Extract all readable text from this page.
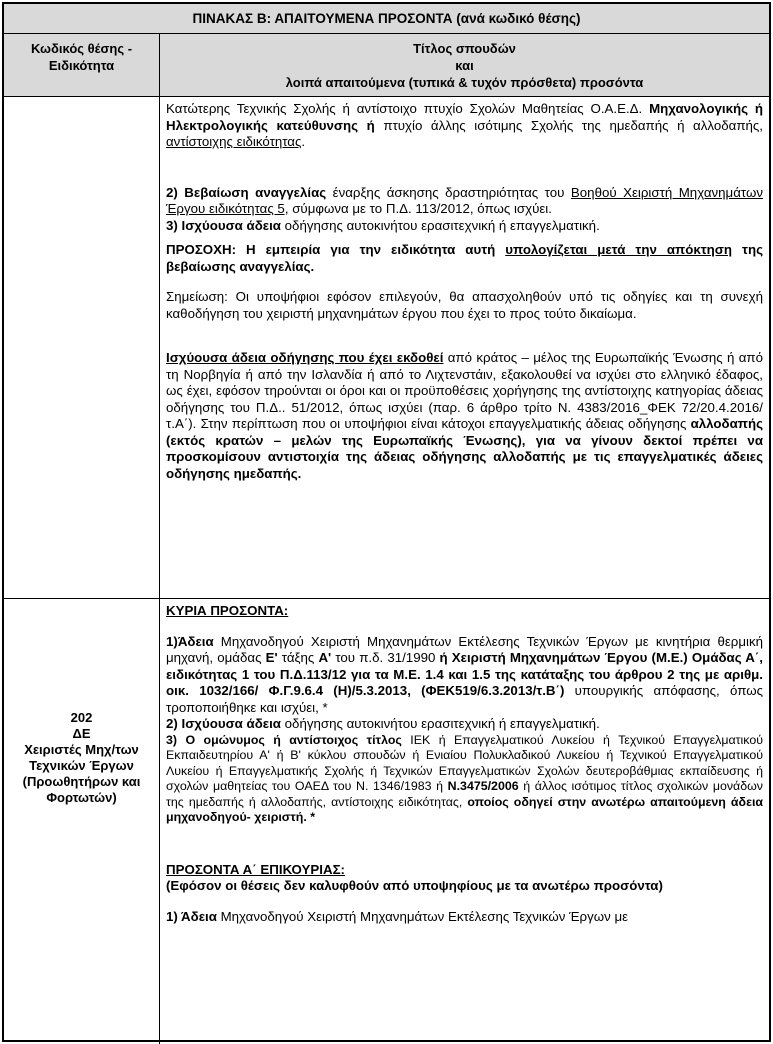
ΠΙΝΑΚΑΣ Β: ΑΠΑΙΤΟΥΜΕΝΑ ΠΡΟΣΟΝΤΑ (ανά κωδικό θέσης)
Κωδικός θέσης -
Ειδικότητα
Τίτλος σπουδών
και
λοιπά απαιτούμενα (τυπικά & τυχόν πρόσθετα) προσόντα

Κατώτερης Τεχνικής Σχολής ή αντίστοιχο πτυχίο Σχολών Μαθητείας Ο.Α.Ε.Δ. Μηχανολογικής ή Ηλεκτρολογικής κατεύθυνσης ή πτυχίο άλλης ισότιμης Σχολής της ημεδαπής ή αλλοδαπής, αντίστοιχης ειδικότητας.

2) Βεβαίωση αναγγελίας έναρξης άσκησης δραστηριότητας του Βοηθού Χειριστή Μηχανημάτων Έργου ειδικότητας 5, σύμφωνα με το Π.Δ. 113/2012, όπως ισχύει.

3) Ισχύουσα άδεια οδήγησης αυτοκινήτου ερασιτεχνική ή επαγγελματική.

ΠΡΟΣΟΧΗ: Η εμπειρία για την ειδικότητα αυτή υπολογίζεται μετά την απόκτηση της βεβαίωσης αναγγελίας.

Σημείωση: Οι υποψήφιοι εφόσον επιλεγούν, θα απασχοληθούν υπό τις οδηγίες και τη συνεχή καθοδήγηση του χειριστή μηχανημάτων έργου που έχει το προς τούτο δικαίωμα.

Ισχύουσα άδεια οδήγησης που έχει εκδοθεί από κράτος – μέλος της Ευρωπαϊκής Ένωσης ή από τη Νορβηγία ή από την Ισλανδία ή από το Λιχτενστάιν, εξακολουθεί να ισχύει στο ελληνικό έδαφος, ως έχει, εφόσον τηρούνται οι όροι και οι προϋποθέσεις χορήγησης της αντίστοιχης κατηγορίας άδειας οδήγησης του Π.Δ.. 51/2012, όπως ισχύει (παρ. 6 άρθρο τρίτο Ν. 4383/2016_ΦΕΚ 72/20.4.2016/τ.Α΄). Στην περίπτωση που οι υποψήφιοι είναι κάτοχοι επαγγελματικής άδειας οδήγησης αλλοδαπής (εκτός κρατών – μελών της Ευρωπαϊκής Ένωσης), για να γίνουν δεκτοί πρέπει να προσκομίσουν αντιστοιχία της άδειας οδήγησης αλλοδαπής με τις επαγγελματικές άδειες οδήγησης ημεδαπής.

202
ΔΕ
Χειριστές Μηχ/των
Τεχνικών Έργων
(Προωθητήρων και
Φορτωτών)

ΚΥΡΙΑ ΠΡΟΣΟΝΤΑ:

1)Άδεια Μηχανοδηγού Χειριστή Μηχανημάτων Εκτέλεσης Τεχνικών Έργων με κινητήρια θερμική μηχανή, ομάδας Ε' τάξης Α' του π.δ. 31/1990 ή Χειριστή Μηχανημάτων Έργου (Μ.Ε.) Ομάδας Α΄, ειδικότητας 1 του Π.Δ.113/12 για τα Μ.Ε. 1.4 και 1.5 της κατάταξης του άρθρου 2 της με αριθμ. οικ. 1032/166/ Φ.Γ.9.6.4 (Η)/5.3.2013, (ΦΕΚ519/6.3.2013/τ.Β΄) υπουργικής απόφασης, όπως τροποποιήθηκε και ισχύει, *

2) Ισχύουσα άδεια οδήγησης αυτοκινήτου ερασιτεχνική ή επαγγελματική.

3) Ο ομώνυμος ή αντίστοιχος τίτλος ΙΕΚ ή Επαγγελματικού Λυκείου ή Τεχνικού Επαγγελματικού Εκπαιδευτηρίου Α' ή Β' κύκλου σπουδών ή Ενιαίου Πολυκλαδικού Λυκείου ή Τεχνικού Επαγγελματικού Λυκείου ή Επαγγελματικής Σχολής ή Τεχνικών Επαγγελματικών Σχολών δευτεροβάθμιας εκπαίδευσης ή σχολών μαθητείας του ΟΑΕΔ του Ν. 1346/1983 ή Ν.3475/2006 ή άλλος ισότιμος τίτλος σχολικών μονάδων της ημεδαπής ή αλλοδαπής, αντίστοιχης ειδικότητας, οποίος οδηγεί στην ανωτέρω απαιτούμενη άδεια μηχανοδηγού- χειριστή. *

ΠΡΟΣΟΝΤΑ Α΄ ΕΠΙΚΟΥΡΙΑΣ:

(Εφόσον οι θέσεις δεν καλυφθούν από υποψηφίους με τα ανωτέρω προσόντα)

1) Άδεια Μηχανοδηγού Χειριστή Μηχανημάτων Εκτέλεσης Τεχνικών Έργων με
